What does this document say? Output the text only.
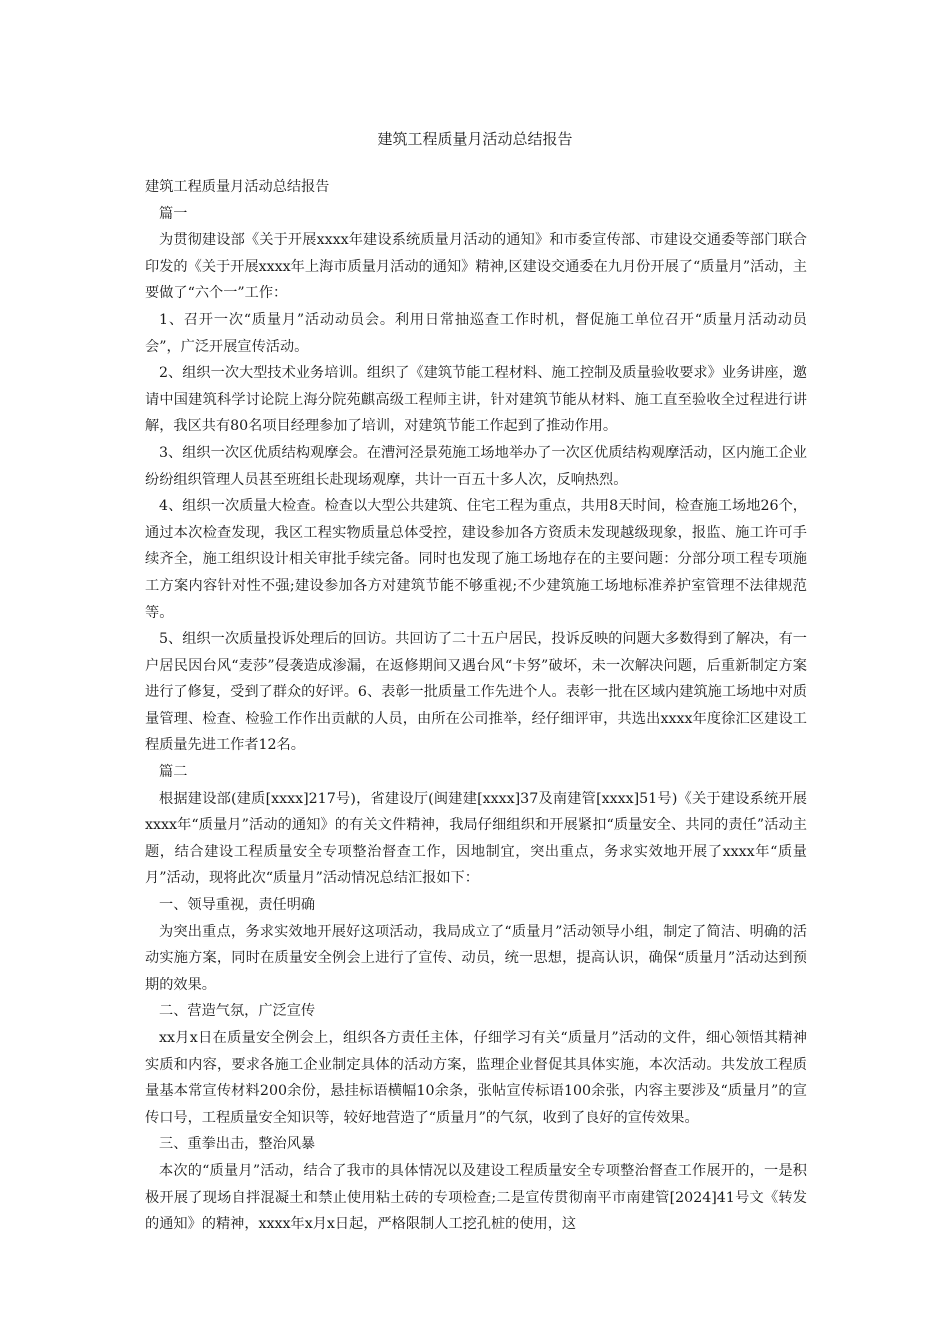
建筑工程质量月活动总结报告

建筑工程质量月活动总结报告

篇一

为贯彻建设部《关于开展xxxx年建设系统质量月活动的通知》和市委宣传部、市建设交通委等部门联合印发的《关于开展xxxx年上海市质量月活动的通知》精神,区建设交通委在九月份开展了“质量月”活动，主要做了“六个一”工作：

1、召开一次“质量月”活动动员会。利用日常抽巡查工作时机，督促施工单位召开“质量月活动动员会”，广泛开展宣传活动。

2、组织一次大型技术业务培训。组织了《建筑节能工程材料、施工控制及质量验收要求》业务讲座，邀请中国建筑科学讨论院上海分院苑麒高级工程师主讲，针对建筑节能从材料、施工直至验收全过程进行讲解，我区共有80名项目经理参加了培训，对建筑节能工作起到了推动作用。

3、组织一次区优质结构观摩会。在漕河泾景苑施工场地举办了一次区优质结构观摩活动，区内施工企业纷纷组织管理人员甚至班组长赴现场观摩，共计一百五十多人次，反响热烈。

4、组织一次质量大检查。检查以大型公共建筑、住宅工程为重点，共用8天时间，检查施工场地26个，通过本次检查发现，我区工程实物质量总体受控，建设参加各方资质未发现越级现象，报监、施工许可手续齐全，施工组织设计相关审批手续完备。同时也发现了施工场地存在的主要问题：分部分项工程专项施工方案内容针对性不强;建设参加各方对建筑节能不够重视;不少建筑施工场地标准养护室管理不法律规范等。

5、组织一次质量投诉处理后的回访。共回访了二十五户居民，投诉反映的问题大多数得到了解决，有一户居民因台风“麦莎”侵袭造成渗漏，在返修期间又遇台风“卡努”破坏，未一次解决问题，后重新制定方案进行了修复，受到了群众的好评。6、表彰一批质量工作先进个人。表彰一批在区域内建筑施工场地中对质量管理、检查、检验工作作出贡献的人员，由所在公司推举，经仔细评审，共选出xxxx年度徐汇区建设工程质量先进工作者12名。

篇二

根据建设部(建质[xxxx]217号)，省建设厅(闽建建[xxxx]37及南建管[xxxx]51号)《关于建设系统开展xxxx年“质量月”活动的通知》的有关文件精神，我局仔细组织和开展紧扣“质量安全、共同的责任”活动主题，结合建设工程质量安全专项整治督查工作，因地制宜，突出重点，务求实效地开展了xxxx年“质量月”活动，现将此次“质量月”活动情况总结汇报如下：

一、领导重视，责任明确

为突出重点，务求实效地开展好这项活动，我局成立了“质量月”活动领导小组，制定了简洁、明确的活动实施方案，同时在质量安全例会上进行了宣传、动员，统一思想，提高认识，确保“质量月”活动达到预期的效果。

二、营造气氛，广泛宣传

xx月x日在质量安全例会上，组织各方责任主体，仔细学习有关“质量月”活动的文件，细心领悟其精神实质和内容，要求各施工企业制定具体的活动方案，监理企业督促其具体实施，本次活动。共发放工程质量基本常宣传材料200余份，悬挂标语横幅10余条，张帖宣传标语100余张，内容主要涉及“质量月”的宣传口号，工程质量安全知识等，较好地营造了“质量月”的气氛，收到了良好的宣传效果。

三、重拳出击，整治风暴

本次的“质量月”活动，结合了我市的具体情况以及建设工程质量安全专项整治督查工作展开的，一是积极开展了现场自拌混凝土和禁止使用粘土砖的专项检查;二是宣传贯彻南平市南建管[2024]41号文《转发的通知》的精神，xxxx年x月x日起，严格限制人工挖孔桩的使用，这
